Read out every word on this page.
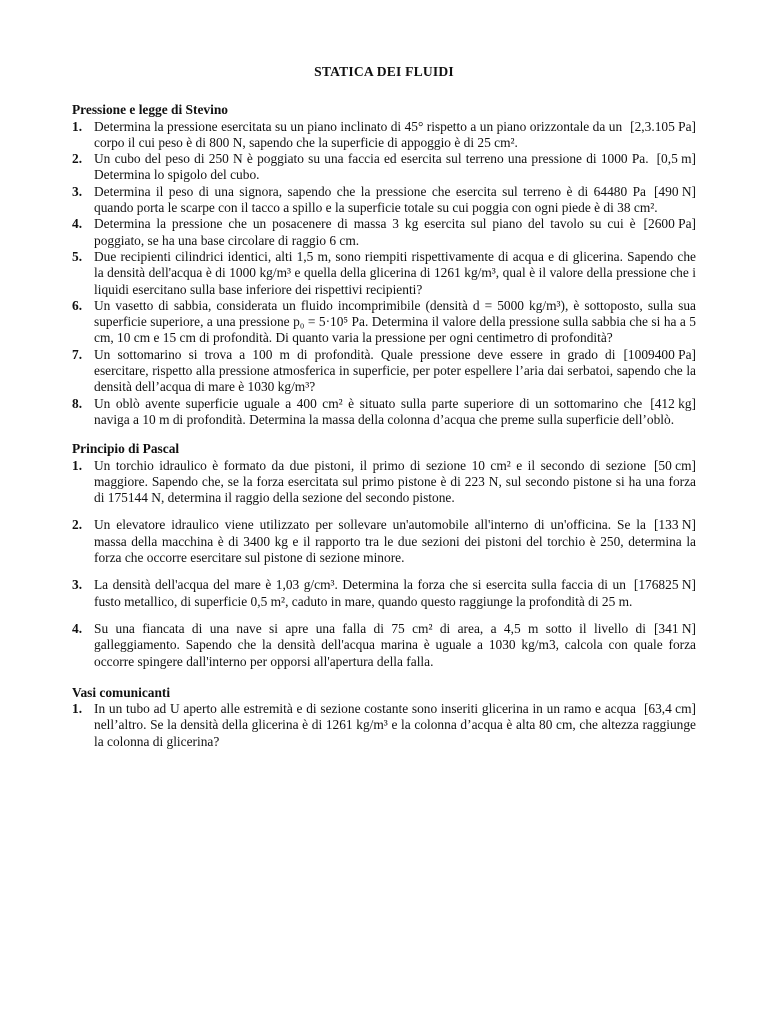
STATICA DEI FLUIDI
Pressione e legge di Stevino
1.	[2,3.105 Pa]
Determina la pressione esercitata su un piano inclinato di 45° rispetto a un piano orizzontale da un corpo il cui peso è di 800 N, sapendo che la superficie di appoggio è di 25 cm².
2.	[0,5 m]
Un cubo del peso di 250 N è poggiato su una faccia ed esercita sul terreno una pressione di 1000 Pa. Determina lo spigolo del cubo.
3.	[490 N]
Determina il peso di una signora, sapendo che la pressione che esercita sul terreno è di 64480 Pa quando porta le scarpe con il tacco a spillo e la superficie totale su cui poggia con ogni piede è di 38 cm².
4.	[2600 Pa]
Determina la pressione che un posacenere di massa 3 kg esercita sul piano del tavolo su cui è poggiato, se ha una base circolare di raggio 6 cm.
5. Due recipienti cilindrici identici, alti 1,5 m, sono riempiti rispettivamente di acqua e di glicerina. Sapendo che la densità dell'acqua è di 1000 kg/m³ e quella della glicerina di 1261 kg/m³, qual è il valore della pressione che i liquidi esercitano sulla base inferiore dei rispettivi recipienti?
6. Un vasetto di sabbia, considerata un fluido incomprimibile (densità d = 5000 kg/m³), è sottoposto, sulla sua superficie superiore, a una pressione p₀ = 5·10⁵ Pa. Determina il valore della pressione sulla sabbia che si ha a 5 cm, 10 cm e 15 cm di profondità. Di quanto varia la pressione per ogni centimetro di profondità?
7.	[1009400 Pa]
Un sottomarino si trova a 100 m di profondità. Quale pressione deve essere in grado di esercitare, rispetto alla pressione atmosferica in superficie, per poter espellere l’aria dai serbatoi, sapendo che la densità dell’acqua di mare è 1030 kg/m³?
8.	[412 kg]
Un oblò avente superficie uguale a 400 cm² è situato sulla parte superiore di un sottomarino che naviga a 10 m di profondità. Determina la massa della colonna d’acqua che preme sulla superficie dell’oblò.
Principio di Pascal
1.	[50 cm]
Un torchio idraulico è formato da due pistoni, il primo di sezione 10 cm² e il secondo di sezione maggiore. Sapendo che, se la forza esercitata sul primo pistone è di 223 N, sul secondo pistone si ha una forza di 175144 N, determina il raggio della sezione del secondo pistone.
2.	[133 N]
Un elevatore idraulico viene utilizzato per sollevare un'automobile all'interno di un'officina. Se la massa della macchina è di 3400 kg e il rapporto tra le due sezioni dei pistoni del torchio è 250, determina la forza che occorre esercitare sul pistone di sezione minore.
3.	[176825 N]
La densità dell'acqua del mare è 1,03 g/cm³. Determina la forza che si esercita sulla faccia di un fusto metallico, di superficie 0,5 m², caduto in mare, quando questo raggiunge la profondità di 25 m.
4.	[341 N]
Su una fiancata di una nave si apre una falla di 75 cm² di area, a 4,5 m sotto il livello di galleggiamento. Sapendo che la densità dell'acqua marina è uguale a 1030 kg/m3, calcola con quale forza occorre spingere dall'interno per opporsi all'apertura della falla.
Vasi comunicanti
1.	[63,4 cm]
In un tubo ad U aperto alle estremità e di sezione costante sono inseriti glicerina in un ramo e acqua nell’altro. Se la densità della glicerina è di 1261 kg/m³ e la colonna d’acqua è alta 80 cm, che altezza raggiunge la colonna di glicerina?
